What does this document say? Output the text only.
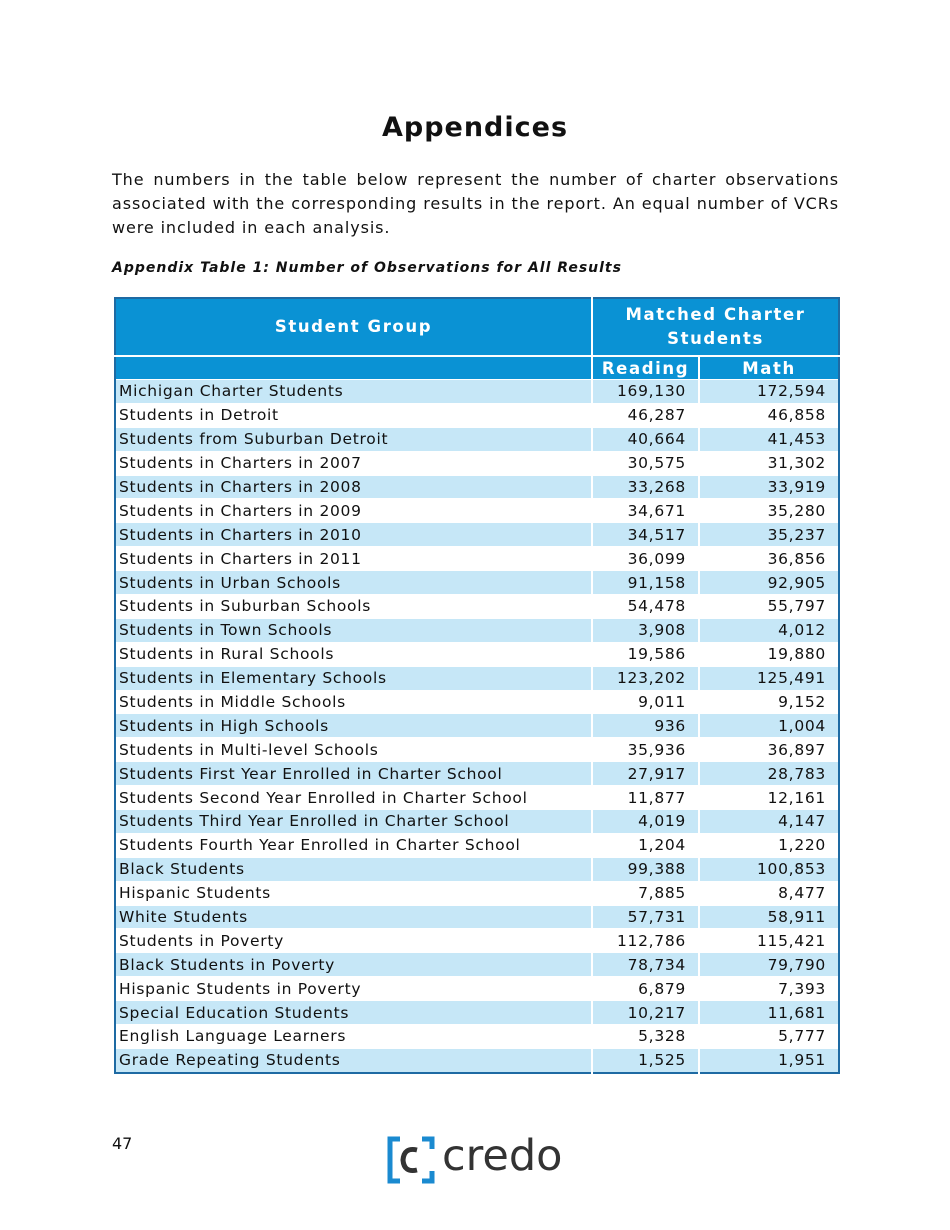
Appendices

The numbers in the table below represent the number of charter observations associated with the corresponding results in the report. An equal number of VCRs were included in each analysis.

Appendix Table 1: Number of Observations for All Results
Student Group	Matched Charter Students	
	Reading	Math
Michigan Charter Students	169,130	172,594
Students in Detroit	46,287	46,858
Students from Suburban Detroit	40,664	41,453
Students in Charters in 2007	30,575	31,302
Students in Charters in 2008	33,268	33,919
Students in Charters in 2009	34,671	35,280
Students in Charters in 2010	34,517	35,237
Students in Charters in 2011	36,099	36,856
Students in Urban Schools	91,158	92,905
Students in Suburban Schools	54,478	55,797
Students in Town Schools	3,908	4,012
Students in Rural Schools	19,586	19,880
Students in Elementary Schools	123,202	125,491
Students in Middle Schools	9,011	9,152
Students in High Schools	936	1,004
Students in Multi-level Schools	35,936	36,897
Students First Year Enrolled in Charter School	27,917	28,783
Students Second Year Enrolled in Charter School	11,877	12,161
Students Third Year Enrolled in Charter School	4,019	4,147
Students Fourth Year Enrolled in Charter School	1,204	1,220
Black Students	99,388	100,853
Hispanic Students	7,885	8,477
White Students	57,731	58,911
Students in Poverty	112,786	115,421
Black Students in Poverty	78,734	79,790
Hispanic Students in Poverty	6,879	7,393
Special Education Students	10,217	11,681
English Language Learners	5,328	5,777
Grade Repeating Students	1,525	1,951
47	credo
